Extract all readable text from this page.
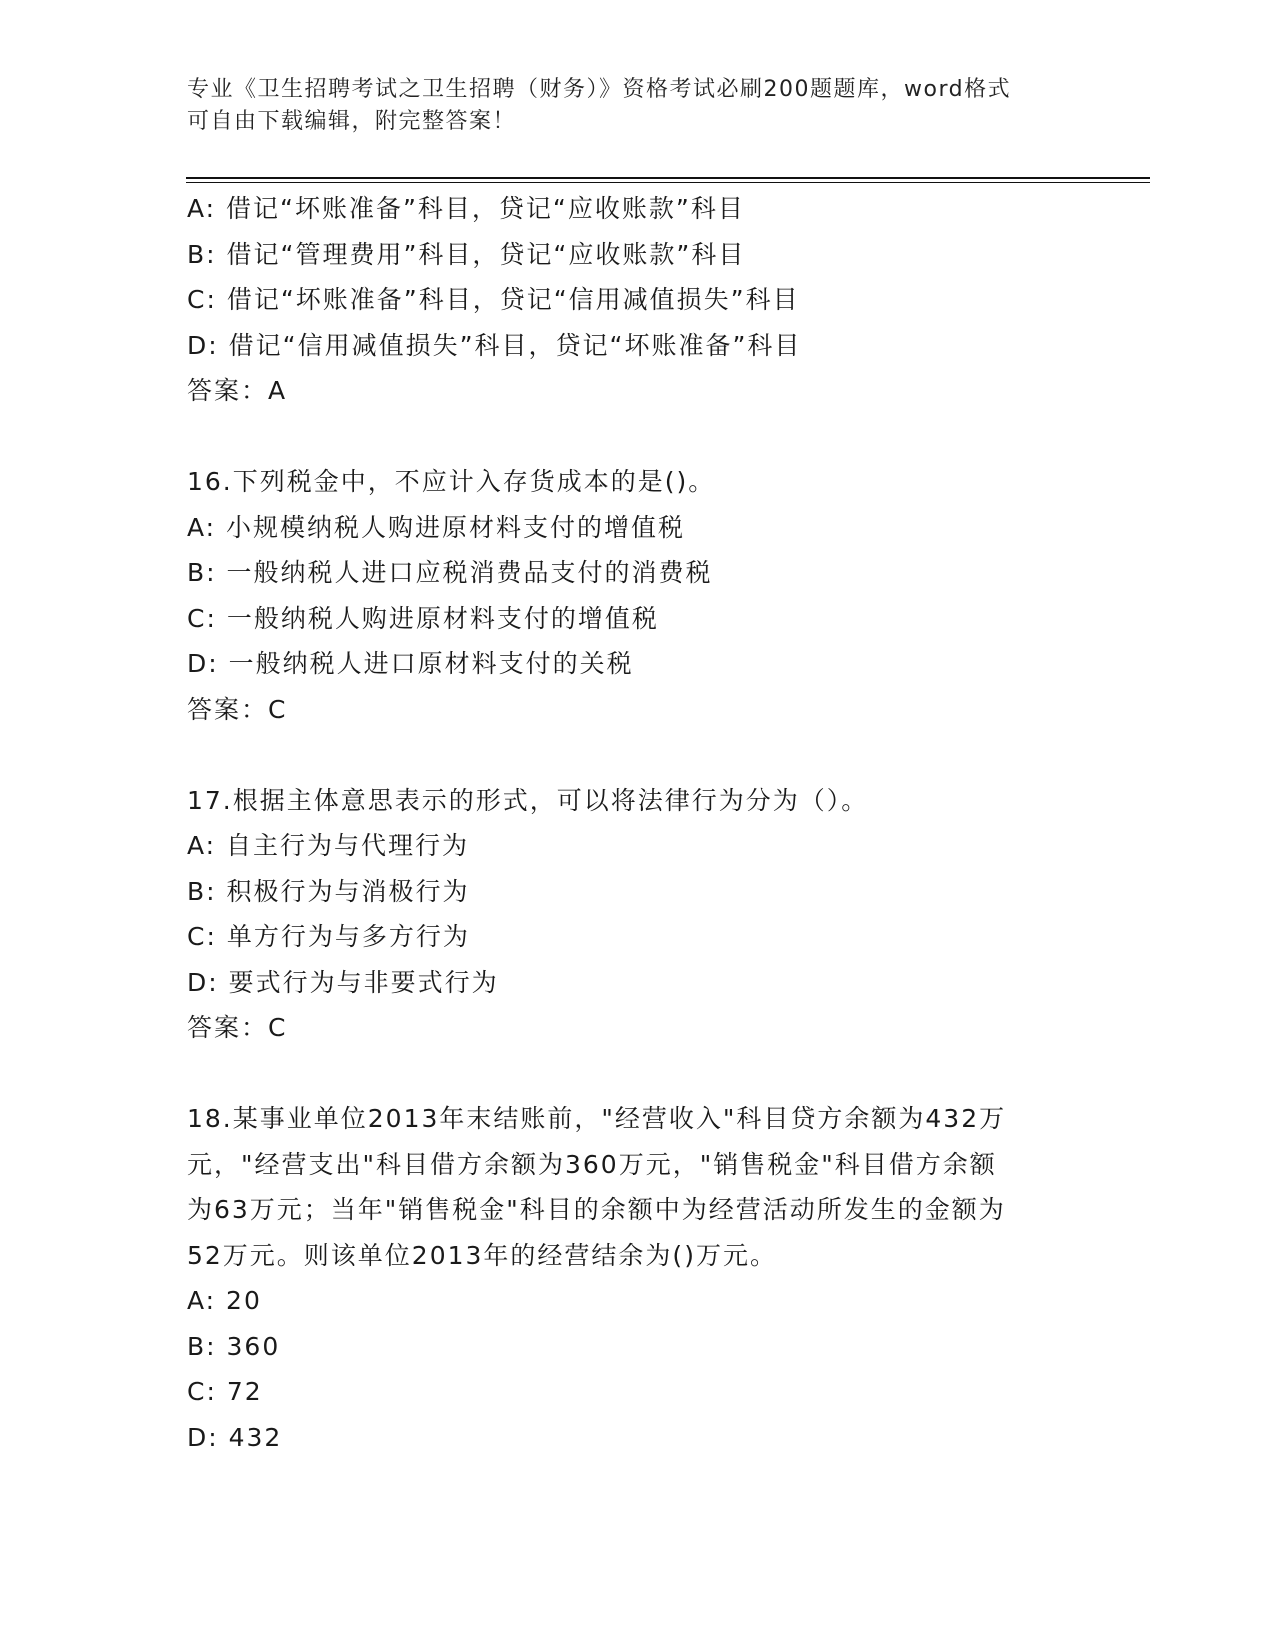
专业《卫生招聘考试之卫生招聘（财务）》资格考试必刷200题题库，word格式
可自由下载编辑，附完整答案！
A: 借记“坏账准备”科目，贷记“应收账款”科目
B: 借记“管理费用”科目，贷记“应收账款”科目
C: 借记“坏账准备”科目，贷记“信用减值损失”科目
D: 借记“信用减值损失”科目，贷记“坏账准备”科目
答案：A
16.下列税金中，不应计入存货成本的是()。
A: 小规模纳税人购进原材料支付的增值税
B: 一般纳税人进口应税消费品支付的消费税
C: 一般纳税人购进原材料支付的增值税
D: 一般纳税人进口原材料支付的关税
答案：C
17.根据主体意思表示的形式，可以将法律行为分为（）。
A: 自主行为与代理行为
B: 积极行为与消极行为
C: 单方行为与多方行为
D: 要式行为与非要式行为
答案：C
18.某事业单位2013年末结账前，"经营收入"科目贷方余额为432万
元，"经营支出"科目借方余额为360万元，"销售税金"科目借方余额
为63万元；当年"销售税金"科目的余额中为经营活动所发生的金额为
52万元。则该单位2013年的经营结余为()万元。
A: 20
B: 360
C: 72
D: 432
